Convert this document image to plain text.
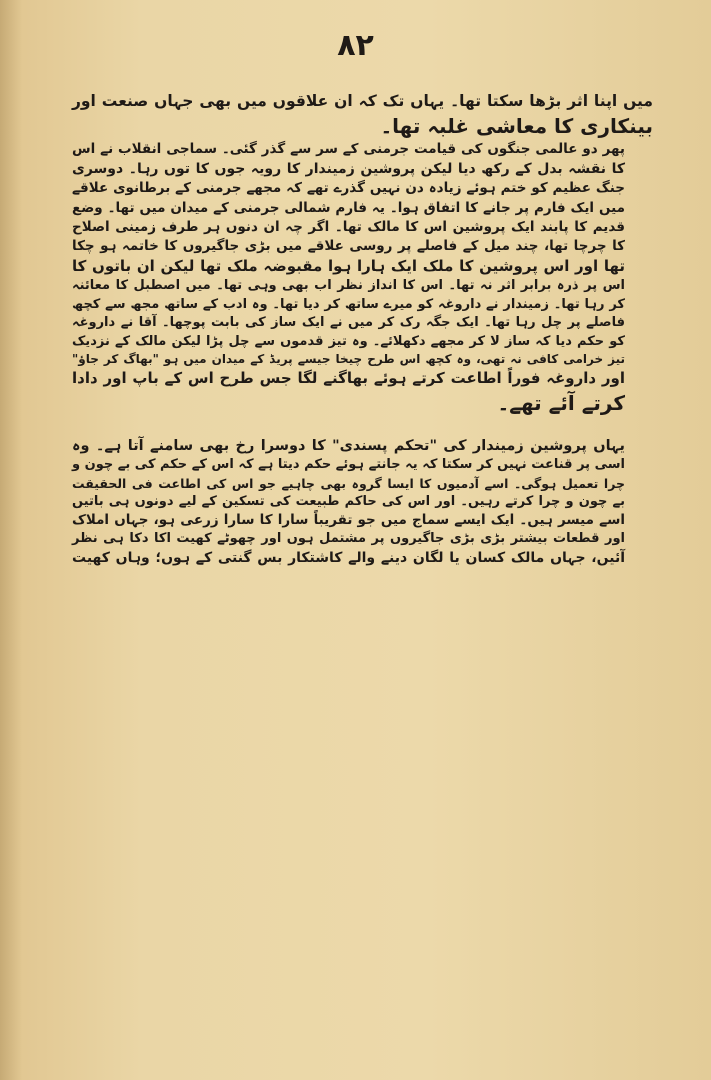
۸۲

میں اپنا اثر بڑھا سکتا تھا۔ یہاں تک کہ ان علاقوں میں بھی جہاں صنعت اور
بینکاری کا معاشی غلبہ تھا۔

پھر دو عالمی جنگوں کی قیامت جرمنی کے سر سے گذر گئی۔ سماجی انقلاب نے اس
کا نقشہ بدل کے رکھ دیا لیکن پروشین زمیندار کا رویہ جوں کا توں رہا۔ دوسری
جنگ عظیم کو ختم ہوئے زیادہ دن نہیں گذرے تھے کہ مجھے جرمنی کے برطانوی علاقے
میں ایک فارم پر جانے کا اتفاق ہوا۔ یہ فارم شمالی جرمنی کے میدان میں تھا۔ وضع
قدیم کا پابند ایک پروشین اس کا مالک تھا۔ اگر چہ ان دنوں ہر طرف زمینی اصلاح
کا چرچا تھا، چند میل کے فاصلے پر روسی علاقے میں بڑی جاگیروں کا خاتمہ ہو چکا
تھا اور اس پروشین کا ملک ایک ہارا ہوا مقبوضہ ملک تھا لیکن ان باتوں کا
اس پر ذرہ برابر اثر نہ تھا۔ اس کا انداز نظر اب بھی وہی تھا۔ میں اصطبل کا معائنہ
کر رہا تھا۔ زمیندار نے داروغہ کو میرے ساتھ کر دیا تھا۔ وہ ادب کے ساتھ مجھ سے کچھ
فاصلے پر چل رہا تھا۔ ایک جگہ رک کر میں نے ایک ساز کی بابت پوچھا۔ آقا نے داروغہ
کو حکم دیا کہ ساز لا کر مجھے دکھلائے۔ وہ تیز قدموں سے چل پڑا لیکن مالک کے نزدیک
تیز خرامی کافی نہ تھی، وہ کچھ اس طرح چیخا جیسے پریڈ کے میدان میں ہو "بھاگ کر جاؤ"
اور داروغہ فوراً اطاعت کرتے ہوئے بھاگنے لگا جس طرح اس کے باپ اور دادا
کرتے آئے تھے۔

یہاں پروشین زمیندار کی "تحکم پسندی" کا دوسرا رخ بھی سامنے آتا ہے۔ وہ
اسی پر قناعت نہیں کر سکتا کہ یہ جانتے ہوئے حکم دیتا ہے کہ اس کے حکم کی بے چون و
چرا تعمیل ہوگی۔ اسے آدمیوں کا ایسا گروہ بھی چاہیے جو اس کی اطاعت فی الحقیقت
بے چون و چرا کرتے رہیں۔ اور اس کی حاکم طبیعت کی تسکین کے لیے دونوں ہی باتیں
اسے میسر ہیں۔ ایک ایسے سماج میں جو تقریباً سارا کا سارا زرعی ہو، جہاں املاک
اور قطعات بیشتر بڑی بڑی جاگیروں پر مشتمل ہوں اور چھوٹے کھیت اکا دکا ہی نظر
آئیں، جہاں مالک کسان یا لگان دینے والے کاشتکار بس گنتی کے ہوں؛ وہاں کھیت
